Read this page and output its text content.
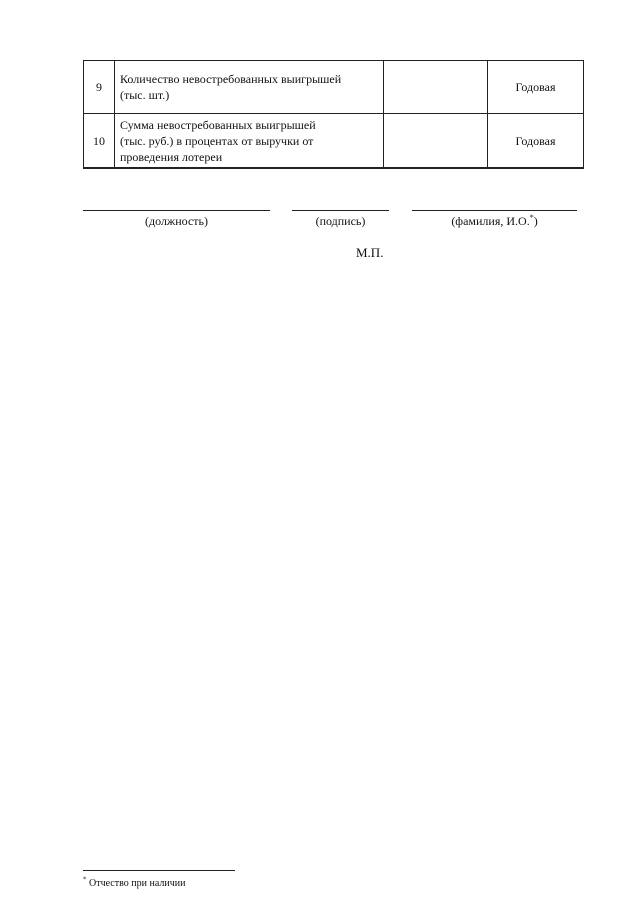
9	Количество невостребованных выигрышей
(тыс. шт.)		Годовая
10	Сумма невостребованных выигрышей
(тыс. руб.) в процентах от выручки от
проведения лотереи		Годовая
(должность)	(подпись)	(фамилия, И.О.*)
М.П.
* Отчество при наличии
